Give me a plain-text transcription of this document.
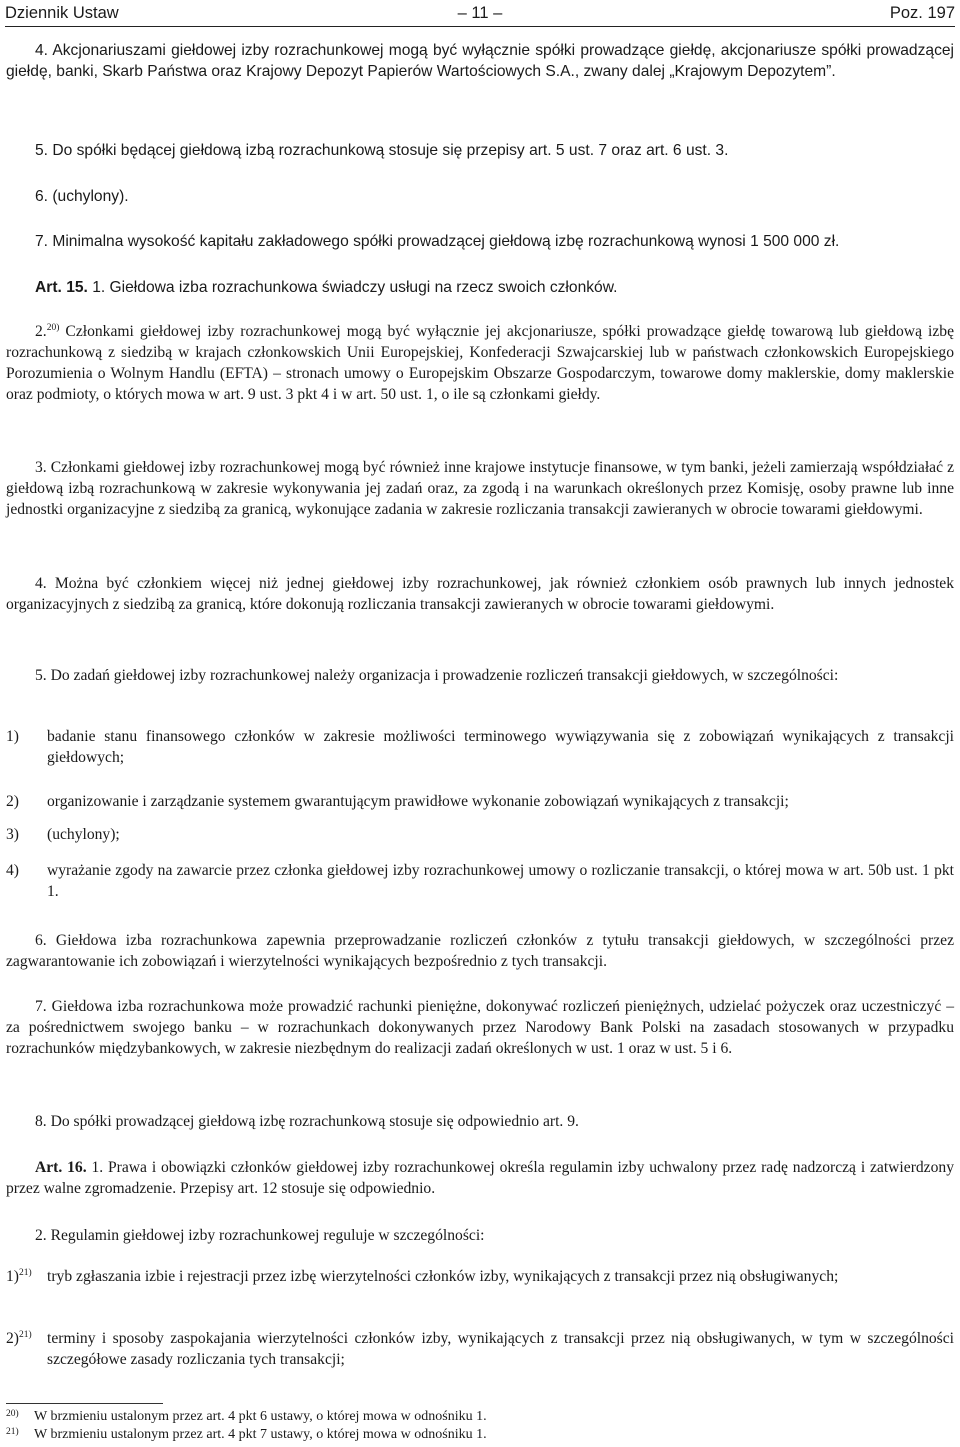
Dziennik Ustaw	– 11 –	Poz. 197

4. Akcjonariuszami giełdowej izby rozrachunkowej mogą być wyłącznie spółki prowadzące giełdę, akcjonariusze spółki prowadzącej giełdę, banki, Skarb Państwa oraz Krajowy Depozyt Papierów Wartościowych S.A., zwany dalej „Krajowym Depozytem”.

5. Do spółki będącej giełdową izbą rozrachunkową stosuje się przepisy art. 5 ust. 7 oraz art. 6 ust. 3.

6. (uchylony).

7. Minimalna wysokość kapitału zakładowego spółki prowadzącej giełdową izbę rozrachunkową wynosi 1 500 000 zł.

Art. 15. 1. Giełdowa izba rozrachunkowa świadczy usługi na rzecz swoich członków.

2.$^{20)}$ Członkami giełdowej izby rozrachunkowej mogą być wyłącznie jej akcjonariusze, spółki prowadzące giełdę towarową lub giełdową izbę rozrachunkową z siedzibą w krajach członkowskich Unii Europejskiej, Konfederacji Szwajcarskiej lub w państwach członkowskich Europejskiego Porozumienia o Wolnym Handlu (EFTA) – stronach umowy o Europejskim Obszarze Gospodarczym, towarowe domy maklerskie, domy maklerskie oraz podmioty, o których mowa w art. 9 ust. 3 pkt 4 i w art. 50 ust. 1, o ile są członkami giełdy.

3. Członkami giełdowej izby rozrachunkowej mogą być również inne krajowe instytucje finansowe, w tym banki, jeżeli zamierzają współdziałać z giełdową izbą rozrachunkową w zakresie wykonywania jej zadań oraz, za zgodą i na warunkach określonych przez Komisję, osoby prawne lub inne jednostki organizacyjne z siedzibą za granicą, wykonujące zadania w zakresie rozliczania transakcji zawieranych w obrocie towarami giełdowymi.

4. Można być członkiem więcej niż jednej giełdowej izby rozrachunkowej, jak również członkiem osób prawnych lub innych jednostek organizacyjnych z siedzibą za granicą, które dokonują rozliczania transakcji zawieranych w obrocie towarami giełdowymi.

5. Do zadań giełdowej izby rozrachunkowej należy organizacja i prowadzenie rozliczeń transakcji giełdowych, w szczególności:

1) badanie stanu finansowego członków w zakresie możliwości terminowego wywiązywania się z zobowiązań wynikających z transakcji giełdowych;
2) organizowanie i zarządzanie systemem gwarantującym prawidłowe wykonanie zobowiązań wynikających z transakcji;
3) (uchylony);
4) wyrażanie zgody na zawarcie przez członka giełdowej izby rozrachunkowej umowy o rozliczanie transakcji, o której mowa w art. 50b ust. 1 pkt 1.

6. Giełdowa izba rozrachunkowa zapewnia przeprowadzanie rozliczeń członków z tytułu transakcji giełdowych, w szczególności przez zagwarantowanie ich zobowiązań i wierzytelności wynikających bezpośrednio z tych transakcji.

7. Giełdowa izba rozrachunkowa może prowadzić rachunki pieniężne, dokonywać rozliczeń pieniężnych, udzielać pożyczek oraz uczestniczyć – za pośrednictwem swojego banku – w rozrachunkach dokonywanych przez Narodowy Bank Polski na zasadach stosowanych w przypadku rozrachunków międzybankowych, w zakresie niezbędnym do realizacji zadań określonych w ust. 1 oraz w ust. 5 i 6.

8. Do spółki prowadzącej giełdową izbę rozrachunkową stosuje się odpowiednio art. 9.

Art. 16. 1. Prawa i obowiązki członków giełdowej izby rozrachunkowej określa regulamin izby uchwalony przez radę nadzorczą i zatwierdzony przez walne zgromadzenie. Przepisy art. 12 stosuje się odpowiednio.

2. Regulamin giełdowej izby rozrachunkowej reguluje w szczególności:

1)$^{21)}$ tryb zgłaszania izbie i rejestracji przez izbę wierzytelności członków izby, wynikających z transakcji przez nią obsługiwanych;
2)$^{21)}$ terminy i sposoby zaspokajania wierzytelności członków izby, wynikających z transakcji przez nią obsługiwanych, w tym w szczególności szczegółowe zasady rozliczania tych transakcji;
20) W brzmieniu ustalonym przez art. 4 pkt 6 ustawy, o której mowa w odnośniku 1.
21) W brzmieniu ustalonym przez art. 4 pkt 7 ustawy, o której mowa w odnośniku 1.
